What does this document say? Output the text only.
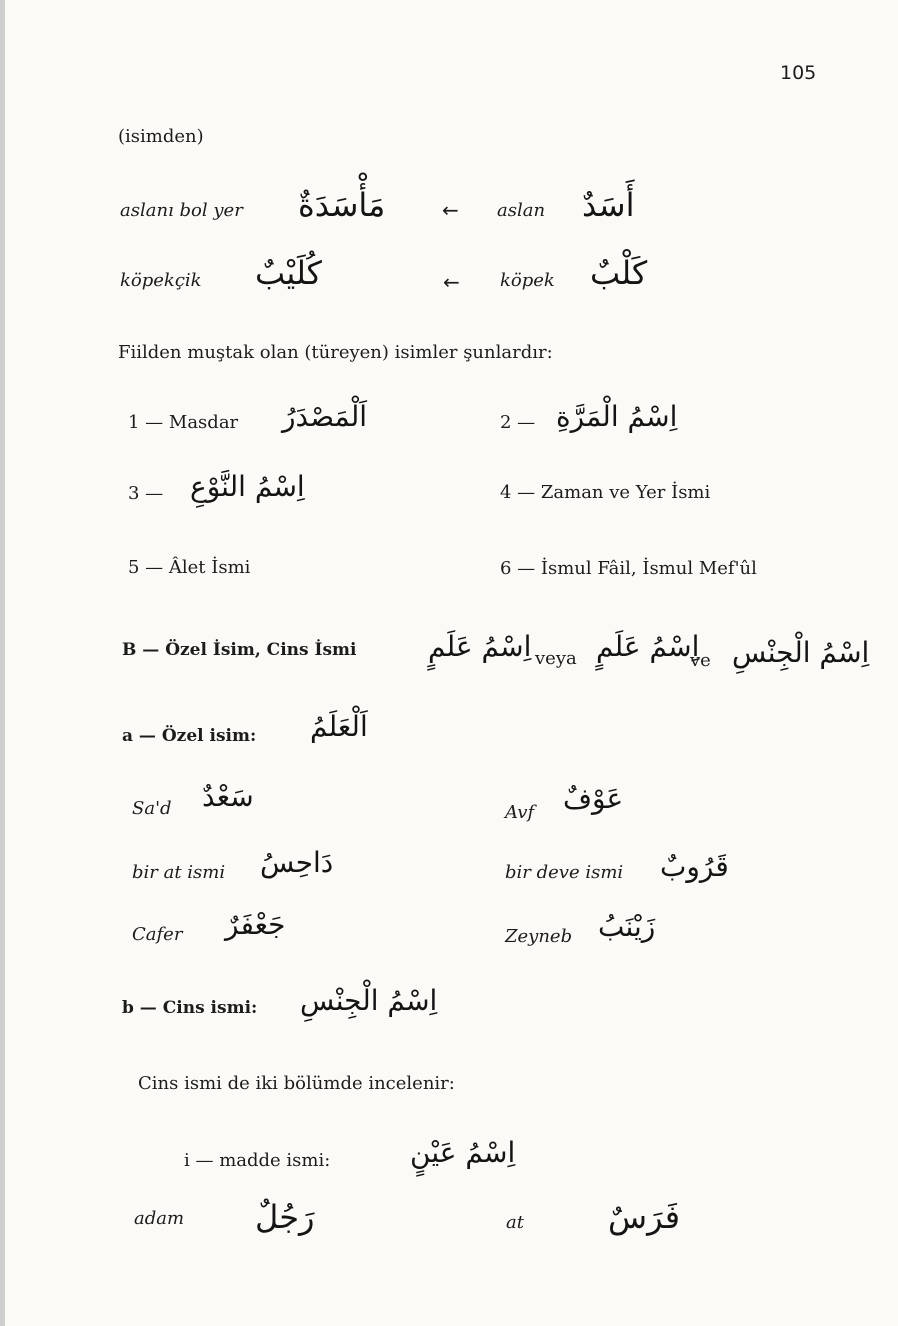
105
(isimden)
aslanı bol yer مَأْسَدَةٌ	← aslan أَسَدٌ
köpekçik كُلَيْبٌ	← köpek كَلْبٌ
Fiilden muştak olan (türeyen) isimler şunlardır:
1 — Masdar اَلْمَصْدَرُ	2 — اِسْمُ الْمَرَّةِ
3 — اِسْمُ النَّوْعِ	4 — Zaman ve Yer İsmi
5 — Âlet İsmi	6 — İsmul Fâil, İsmul Mef'ûl
B — Özel İsim, Cins İsmi	اِسْمُ عَلَمٍ veya اِسْمُ عَلَمٍ
ve اِسْمُ الْجِنْسِ
a — Özel isim: اَلْعَلَمُ
Sa'd سَعْدٌ	Avf عَوْفٌ
bir at ismi دَاحِسُ	bir deve ismi قَرُوبٌ
Cafer جَعْفَرٌ	Zeyneb زَيْنَبُ
b — Cins ismi: اِسْمُ الْجِنْسِ
Cins ismi de iki bölümde incelenir:
i — madde ismi:	اِسْمُ عَيْنٍ
adam رَجُلٌ	at	فَرَسٌ
